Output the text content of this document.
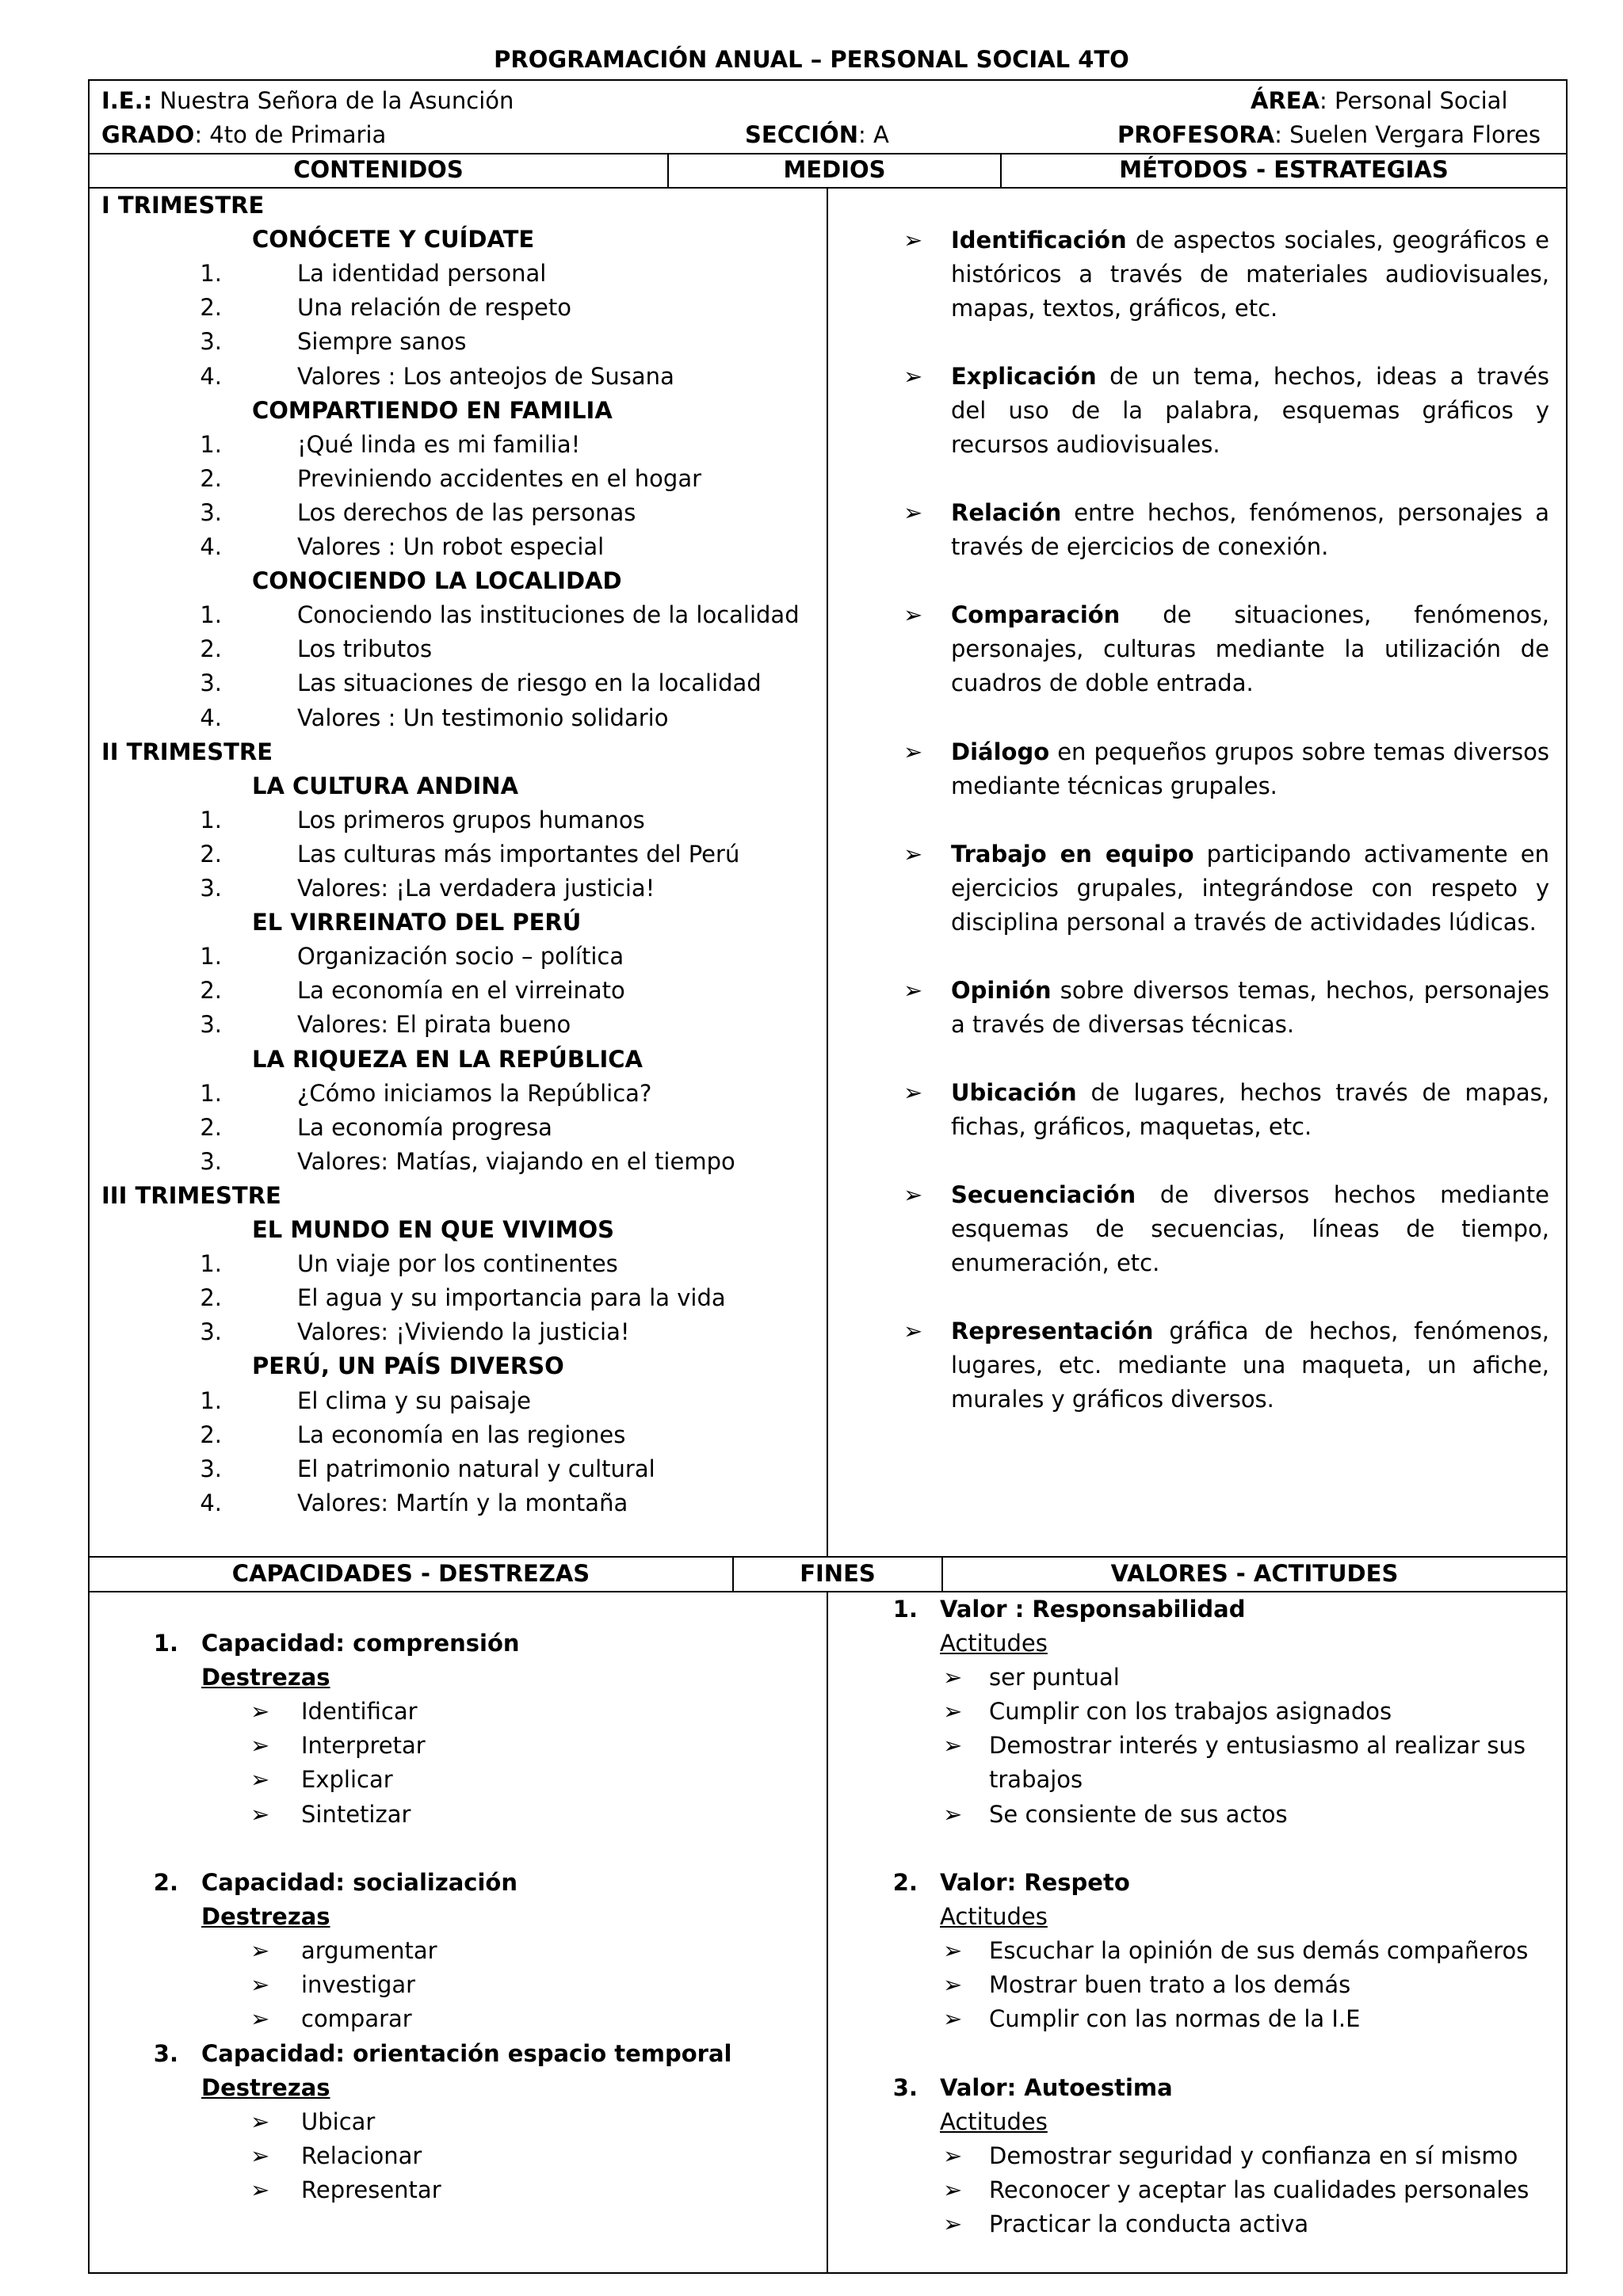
PROGRAMACIÓN ANUAL – PERSONAL SOCIAL 4TO
I.E.: Nuestra Señora de la Asunción	ÁREA: Personal Social
GRADO: 4to de Primaria	SECCIÓN: A	PROFESORA: Suelen Vergara Flores
CONTENIDOS	MEDIOS	MÉTODOS - ESTRATEGIAS
I TRIMESTRE
CONÓCETE Y CUÍDATE
1.	La identidad personal
2.	Una relación de respeto
3.	Siempre sanos
4.	Valores : Los anteojos de Susana
COMPARTIENDO EN FAMILIA
1.	¡Qué linda es mi familia!
2.	Previniendo accidentes en el hogar
3.	Los derechos de las personas
4.	Valores : Un robot especial
CONOCIENDO LA LOCALIDAD
1.	Conociendo las instituciones de la localidad
2.	Los tributos
3.	Las situaciones de riesgo en la localidad
4.	Valores : Un testimonio solidario
II TRIMESTRE
LA CULTURA ANDINA
1.	Los primeros grupos humanos
2.	Las culturas más importantes del Perú
3.	Valores: ¡La verdadera justicia!
EL VIRREINATO DEL PERÚ
1.	Organización socio – política
2.	La economía en el virreinato
3.	Valores: El pirata bueno
LA RIQUEZA EN LA REPÚBLICA
1.	¿Cómo iniciamos la República?
2.	La economía progresa
3.	Valores: Matías, viajando en el tiempo
III TRIMESTRE
EL MUNDO EN QUE VIVIMOS
1.	Un viaje por los continentes
2.	El agua y su importancia para la vida
3.	Valores: ¡Viviendo la justicia!
PERÚ, UN PAÍS DIVERSO
1.	El clima y su paisaje
2.	La economía en las regiones
3.	El patrimonio natural y cultural
4.	Valores: Martín y la montaña
➢ Identificación de aspectos sociales, geográficos e históricos a través de materiales audiovisuales, mapas, textos, gráficos, etc.
➢ Explicación de un tema, hechos, ideas a través del uso de la palabra, esquemas gráficos y recursos audiovisuales.
➢ Relación entre hechos, fenómenos, personajes a través de ejercicios de conexión.
➢ Comparación de situaciones, fenómenos, personajes, culturas mediante la utilización de cuadros de doble entrada.
➢ Diálogo en pequeños grupos sobre temas diversos mediante técnicas grupales.
➢ Trabajo en equipo participando activamente en ejercicios grupales, integrándose con respeto y disciplina personal a través de actividades lúdicas.
➢ Opinión sobre diversos temas, hechos, personajes a través de diversas técnicas.
➢ Ubicación de lugares, hechos través de mapas, fichas, gráficos, maquetas, etc.
➢ Secuenciación de diversos hechos mediante esquemas de secuencias, líneas de tiempo, enumeración, etc.
➢ Representación gráfica de hechos, fenómenos, lugares, etc. mediante una maqueta, un afiche, murales y gráficos diversos.
CAPACIDADES - DESTREZAS	FINES	VALORES - ACTITUDES
1. Capacidad: comprensión
Destrezas
➢ Identificar
➢ Interpretar
➢ Explicar
➢ Sintetizar
2. Capacidad: socialización
Destrezas
➢ argumentar
➢ investigar
➢ comparar
3. Capacidad: orientación espacio temporal
Destrezas
➢ Ubicar
➢ Relacionar
➢ Representar
1. Valor : Responsabilidad
Actitudes
➢ ser puntual
➢ Cumplir con los trabajos asignados
➢ Demostrar interés y entusiasmo al realizar sus trabajos
➢ Se consiente de sus actos
2. Valor: Respeto
Actitudes
➢ Escuchar la opinión de sus demás compañeros
➢ Mostrar buen trato a los demás
➢ Cumplir con las normas de la I.E
3. Valor: Autoestima
Actitudes
➢ Demostrar seguridad y confianza en sí mismo
➢ Reconocer y aceptar las cualidades personales
➢ Practicar la conducta activa
